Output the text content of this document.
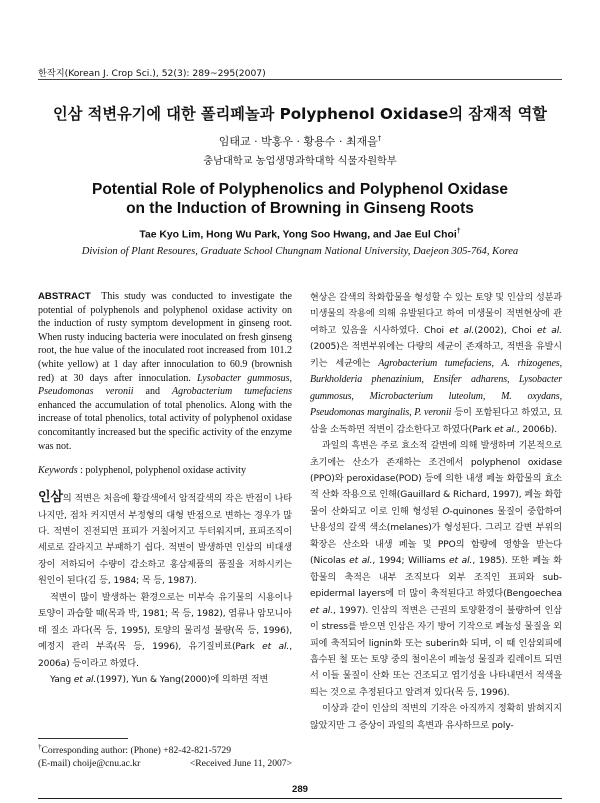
한작지(Korean J. Crop Sci.), 52(3): 289~295(2007)
인삼 적변유기에 대한 폴리페놀과 Polyphenol Oxidase의 잠재적 역할
임태교 · 박홍우 · 황용수 · 최재을†
충남대학교 농업생명과학대학 식물자원학부
Potential Role of Polyphenolics and Polyphenol Oxidase
on the Induction of Browning in Ginseng Roots
Tae Kyo Lim, Hong Wu Park, Yong Soo Hwang, and Jae Eul Choi†
Division of Plant Resoures, Graduate School Chungnam National University, Daejeon 305-764, Korea

ABSTRACT This study was conducted to investigate the potential of polyphenols and polyphenol oxidase activity on the induction of rusty symptom development in ginseng root. When rusty inducing bacteria were inoculated on fresh ginseng root, the hue value of the inoculated root increased from 101.2 (white yellow) at 1 day after innoculation to 60.9 (brownish red) at 30 days after innoculation. Lysobacter gummosus, Pseudomonas veronii and Agrobacterium tumefaciens enhanced the accumulation of total phenolics. Along with the increase of total phenolics, total activity of polyphenol oxidase concomitantly increased but the specific activity of the enzyme was not.

Keywords : polyphenol, polyphenol oxidase activity

인삼의 적변은 처음에 황갈색에서 암적갈색의 작은 반점이 나타나지만, 점차 커지면서 부정형의 대형 반점으로 변하는 경우가 많다. 적변이 진전되면 표피가 거칠어지고 두터워지며, 표피조직이 세로로 갈라지고 부패하기 쉽다. 적변이 발생하면 인삼의 비대생장이 저하되어 수량이 감소하고 홍삼제품의 품질을 저하시키는 원인이 된다(김 등, 1984; 목 등, 1987).

적변이 많이 발생하는 환경으로는 미부숙 유기물의 시용이나 토양이 과습할 때(목과 박, 1981; 목 등, 1982), 염류나 암모니아태 질소 과다(목 등, 1995), 토양의 물리성 불량(목 등, 1996), 예정지 관리 부족(목 등, 1996), 유기질비료(Park et al., 2006a) 등이라고 하였다.

Yang et al.(1997), Yun & Yang(2000)에 의하면 적변

현상은 갈색의 착화합물을 형성할 수 있는 토양 및 인삼의 성분과 미생물의 작용에 의해 유발된다고 하여 미생물이 적변현상에 관여하고 있음을 시사하였다. Choi et al.(2002), Choi et al.(2005)은 적변부위에는 다량의 세균이 존재하고, 적변을 유발시키는 세균에는 Agrobacterium tumefaciens, A. rhizogenes, Burkholderia phenazinium, Ensifer adharens, Lysobacter gummosus, Microbacterium luteolum, M. oxydans, Pseudomonas marginalis, P. veronii 등이 포함된다고 하였고, 묘삼을 소독하면 적변이 감소한다고 하였다(Park et al., 2006b).

과일의 흑변은 주로 효소적 갈변에 의해 발생하며 기본적으로 초기에는 산소가 존재하는 조건에서 polyphenol oxidase (PPO)와 peroxidase(POD) 등에 의한 내생 페놀 화합물의 효소적 산화 작용으로 인해(Gauillard & Richard, 1997), 페놀 화합물이 산화되고 이로 인해 형성된 O-quinones 물질이 중합하여 난용성의 갈색 색소(melanes)가 형성된다. 그리고 갈변 부위의 확장은 산소와 내생 페놀 및 PPO의 함량에 영향을 받는다(Nicolas et al., 1994; Williams et al., 1985). 또한 페놀 화합물의 축적은 내부 조직보다 외부 조직인 표피와 sub-epidermal layers에 더 많이 축적된다고 하였다(Bengoechea et al., 1997). 인삼의 적변은 근권의 토양환경이 불량하여 인삼이 stress를 받으면 인삼은 자기 방어 기작으로 페놀성 물질을 외피에 축적되어 lignin화 또는 suberin화 되며, 이 때 인삼외피에 흡수된 철 또는 토양 중의 철이온이 페놀성 물질과 킬레이트 되면서 이들 물질이 산화 또는 건조되고 엽기성을 나타내면서 적색을 띄는 것으로 추정된다고 알려져 있다(목 등, 1996).

이상과 같이 인삼의 적변의 기작은 아직까지 정확히 밝혀지지 않았지만 그 증상이 과일의 흑변과 유사하므로 poly-

†Corresponding author: (Phone) +82-42-821-5729
(E-mail) choije@cnu.ac.kr	<Received June 11, 2007>
289
